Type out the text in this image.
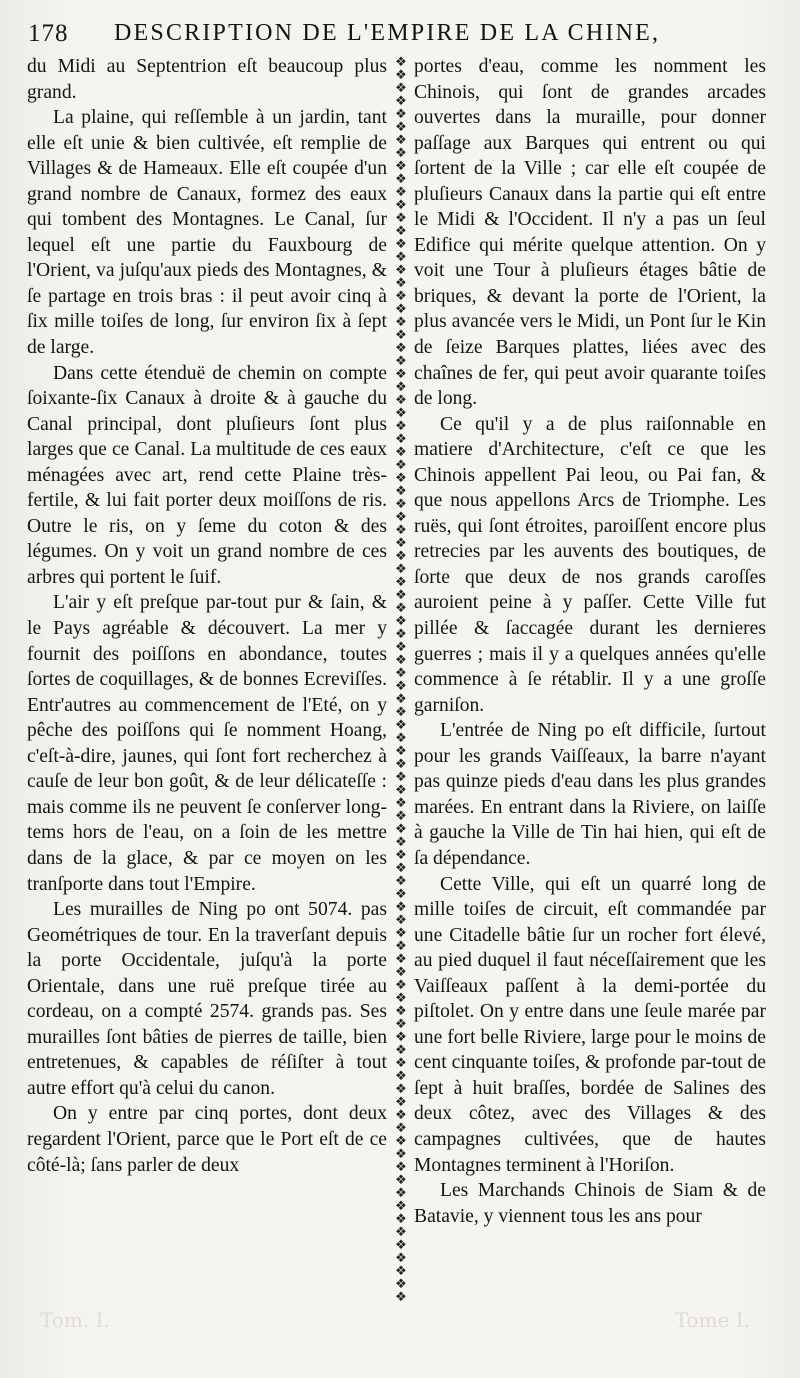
178 DESCRIPTION DE L'EMPIRE DE LA CHINE,

du Midi au Septentrion eſt beaucoup plus grand.

La plaine, qui reſſemble à un jardin, tant elle eſt unie & bien cultivée, eſt remplie de Villages & de Hameaux. Elle eſt coupée d'un grand nombre de Canaux, formez des eaux qui tombent des Montagnes. Le Canal, ſur lequel eſt une partie du Fauxbourg de l'Orient, va juſqu'aux pieds des Montagnes, & ſe partage en trois bras : il peut avoir cinq à ſix mille toiſes de long, ſur environ ſix à ſept de large.

Dans cette étenduë de chemin on compte ſoixante-ſix Canaux à droite & à gauche du Canal principal, dont pluſieurs ſont plus larges que ce Canal. La multitude de ces eaux ménagées avec art, rend cette Plaine très-fertile, & lui fait porter deux moiſſons de ris. Outre le ris, on y ſeme du coton & des légumes. On y voit un grand nombre de ces arbres qui portent le ſuif.

L'air y eſt preſque par-tout pur & ſain, & le Pays agréable & découvert. La mer y fournit des poiſſons en abondance, toutes ſortes de coquillages, & de bonnes Ecreviſſes. Entr'autres au commencement de l'Eté, on y pêche des poiſſons qui ſe nomment Hoang, c'eſt-à-dire, jaunes, qui ſont fort recherchez à cauſe de leur bon goût, & de leur délicateſſe : mais comme ils ne peuvent ſe conſerver long-tems hors de l'eau, on a ſoin de les mettre dans de la glace, & par ce moyen on les tranſporte dans tout l'Empire.

Les murailles de Ning po ont 5074. pas Geométriques de tour. En la traverſant depuis la porte Occidentale, juſqu'à la porte Orientale, dans une ruë preſque tirée au cordeau, on a compté 2574. grands pas. Ses murailles ſont bâties de pierres de taille, bien entretenues, & capables de réſiſter à tout autre effort qu'à celui du canon.

On y entre par cinq portes, dont deux regardent l'Orient, parce que le Port eſt de ce côté-là; ſans parler de deux

❖
❖
❖
❖
❖
❖
❖
❖
❖
❖
❖
❖
❖
❖
❖
❖
❖
❖
❖
❖
❖
❖
❖
❖
❖
❖
❖
❖
❖
❖
❖
❖
❖
❖
❖
❖
❖
❖
❖
❖
❖
❖
❖
❖
❖
❖
❖
❖
❖
❖
❖
❖
❖
❖
❖
❖
❖
❖
❖
❖
❖
❖
❖
❖
❖
❖
❖
❖
❖
❖
❖
❖
❖
❖
❖
❖
❖
❖
❖
❖
❖
❖
❖
❖
❖
❖
❖
❖
❖
❖
❖
❖
❖
❖
❖
❖

portes d'eau, comme les nomment les Chinois, qui ſont de grandes arcades ouvertes dans la muraille, pour donner paſſage aux Barques qui entrent ou qui ſortent de la Ville ; car elle eſt coupée de pluſieurs Canaux dans la partie qui eſt entre le Midi & l'Occident. Il n'y a pas un ſeul Edifice qui mérite quelque attention. On y voit une Tour à pluſieurs étages bâtie de briques, & devant la porte de l'Orient, la plus avancée vers le Midi, un Pont ſur le Kin de ſeize Barques plattes, liées avec des chaînes de fer, qui peut avoir quarante toiſes de long.

Ce qu'il y a de plus raiſonnable en matiere d'Architecture, c'eſt ce que les Chinois appellent Pai leou, ou Pai fan, & que nous appellons Arcs de Triomphe. Les ruës, qui ſont étroites, paroiſſent encore plus retrecies par les auvents des boutiques, de ſorte que deux de nos grands caroſſes auroient peine à y paſſer. Cette Ville fut pillée & ſaccagée durant les dernieres guerres ; mais il y a quelques années qu'elle commence à ſe rétablir. Il y a une groſſe garniſon.

L'entrée de Ning po eſt difficile, ſurtout pour les grands Vaiſſeaux, la barre n'ayant pas quinze pieds d'eau dans les plus grandes marées. En entrant dans la Riviere, on laiſſe à gauche la Ville de Tin hai hien, qui eſt de ſa dépendance.

Cette Ville, qui eſt un quarré long de mille toiſes de circuit, eſt commandée par une Citadelle bâtie ſur un rocher fort élevé, au pied duquel il faut néceſſairement que les Vaiſſeaux paſſent à la demi-portée du piſtolet. On y entre dans une ſeule marée par une fort belle Riviere, large pour le moins de cent cinquante toiſes, & profonde par-tout de ſept à huit braſſes, bordée de Salines des deux côtez, avec des Villages & des campagnes cultivées, que de hautes Montagnes terminent à l'Horiſon.

Les Marchands Chinois de Siam & de Batavie, y viennent tous les ans pour

Tom. I.	Tome I.
